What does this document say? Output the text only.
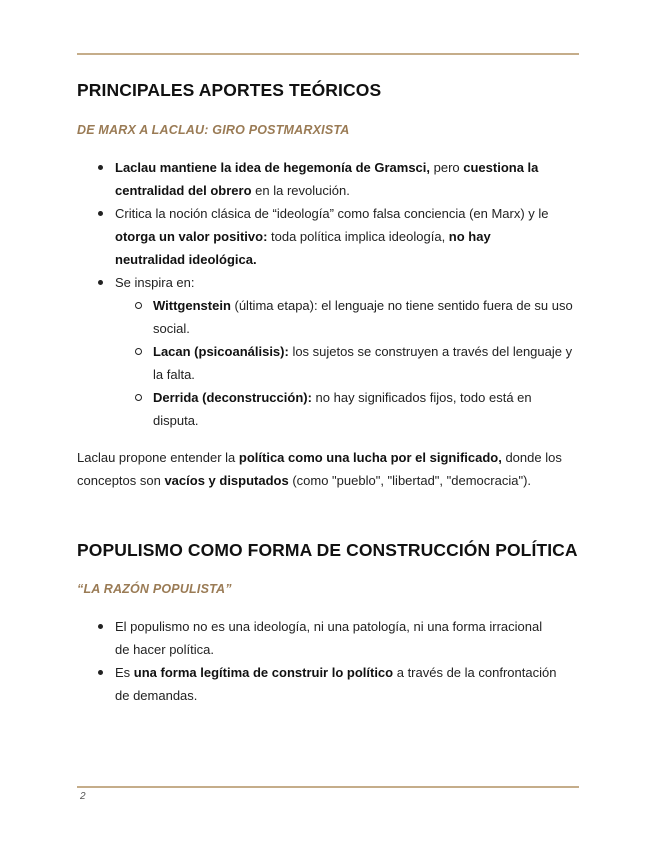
PRINCIPALES APORTES TEÓRICOS
DE MARX A LACLAU: GIRO POSTMARXISTA
Laclau mantiene la idea de hegemonía de Gramsci, pero cuestiona la centralidad del obrero en la revolución.
Critica la noción clásica de “ideología” como falsa conciencia (en Marx) y le otorga un valor positivo: toda política implica ideología, no hay neutralidad ideológica.
Se inspira en:
Wittgenstein (última etapa): el lenguaje no tiene sentido fuera de su uso social.
Lacan (psicoanálisis): los sujetos se construyen a través del lenguaje y la falta.
Derrida (deconstrucción): no hay significados fijos, todo está en disputa.

Laclau propone entender la política como una lucha por el significado, donde los conceptos son vacíos y disputados (como "pueblo", "libertad", "democracia").

POPULISMO COMO FORMA DE CONSTRUCCIÓN POLÍTICA
“LA RAZÓN POPULISTA”
El populismo no es una ideología, ni una patología, ni una forma irracional de hacer política.
Es una forma legítima de construir lo político a través de la confrontación de demandas.
2
